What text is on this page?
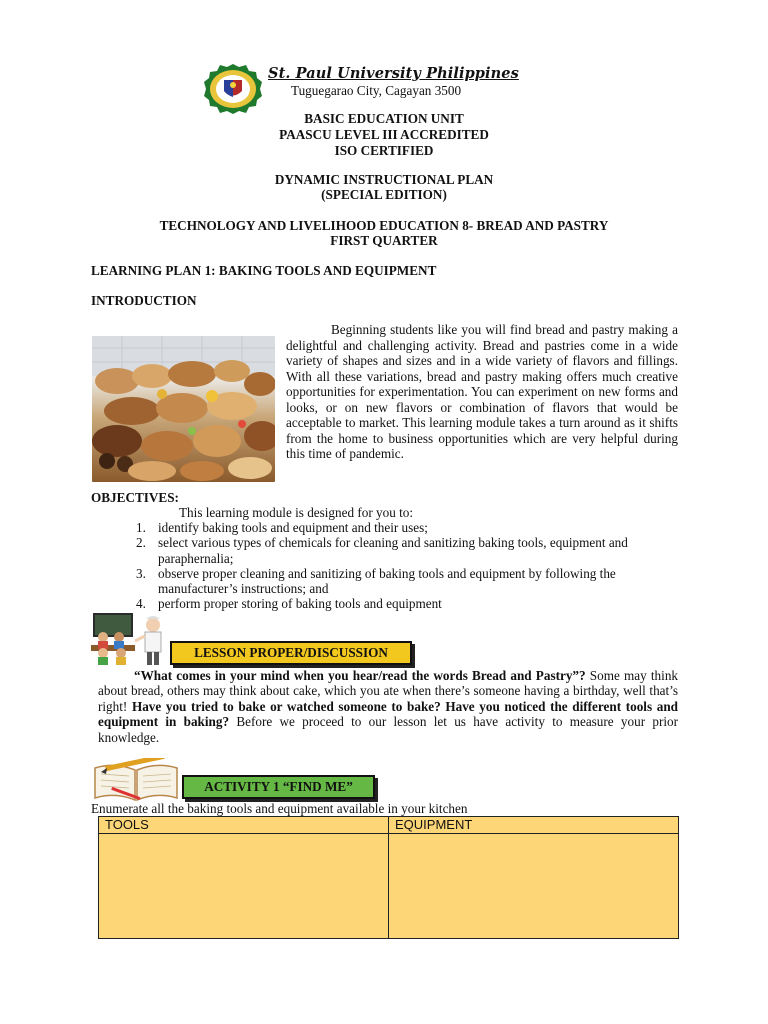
St. Paul University Philippines
Tuguegarao City, Cagayan 3500
BASIC EDUCATION UNIT
PAASCU LEVEL III ACCREDITED
ISO CERTIFIED
DYNAMIC INSTRUCTIONAL PLAN
(SPECIAL EDITION)
TECHNOLOGY AND LIVELIHOOD EDUCATION 8- BREAD AND PASTRY
FIRST QUARTER
LEARNING PLAN 1: BAKING TOOLS AND EQUIPMENT
INTRODUCTION
Beginning students like you will find bread and pastry making a delightful and challenging activity. Bread and pastries come in a wide variety of shapes and sizes and in a wide variety of flavors and fillings. With all these variations, bread and pastry making offers much creative opportunities for experimentation. You can experiment on new forms and looks, or on new flavors or combination of flavors that would be acceptable to market. This learning module takes a turn around as it shifts from the home to business opportunities which are very helpful during this time of pandemic.
OBJECTIVES:
This learning module is designed for you to:
1. identify baking tools and equipment and their uses;
2. select various types of chemicals for cleaning and sanitizing baking tools, equipment and paraphernalia;
3. observe proper cleaning and sanitizing of baking tools and equipment by following the manufacturer’s instructions; and
4. perform proper storing of baking tools and equipment
LESSON PROPER/DISCUSSION
“What comes in your mind when you hear/read the words Bread and Pastry”? Some may think about bread, others may think about cake, which you ate when there’s someone having a birthday, well that’s right! Have you tried to bake or watched someone to bake? Have you noticed the different tools and equipment in baking? Before we proceed to our lesson let us have activity to measure your prior knowledge.
ACTIVITY 1 “FIND ME”
Enumerate all the baking tools and equipment available in your kitchen
TOOLS	EQUIPMENT
